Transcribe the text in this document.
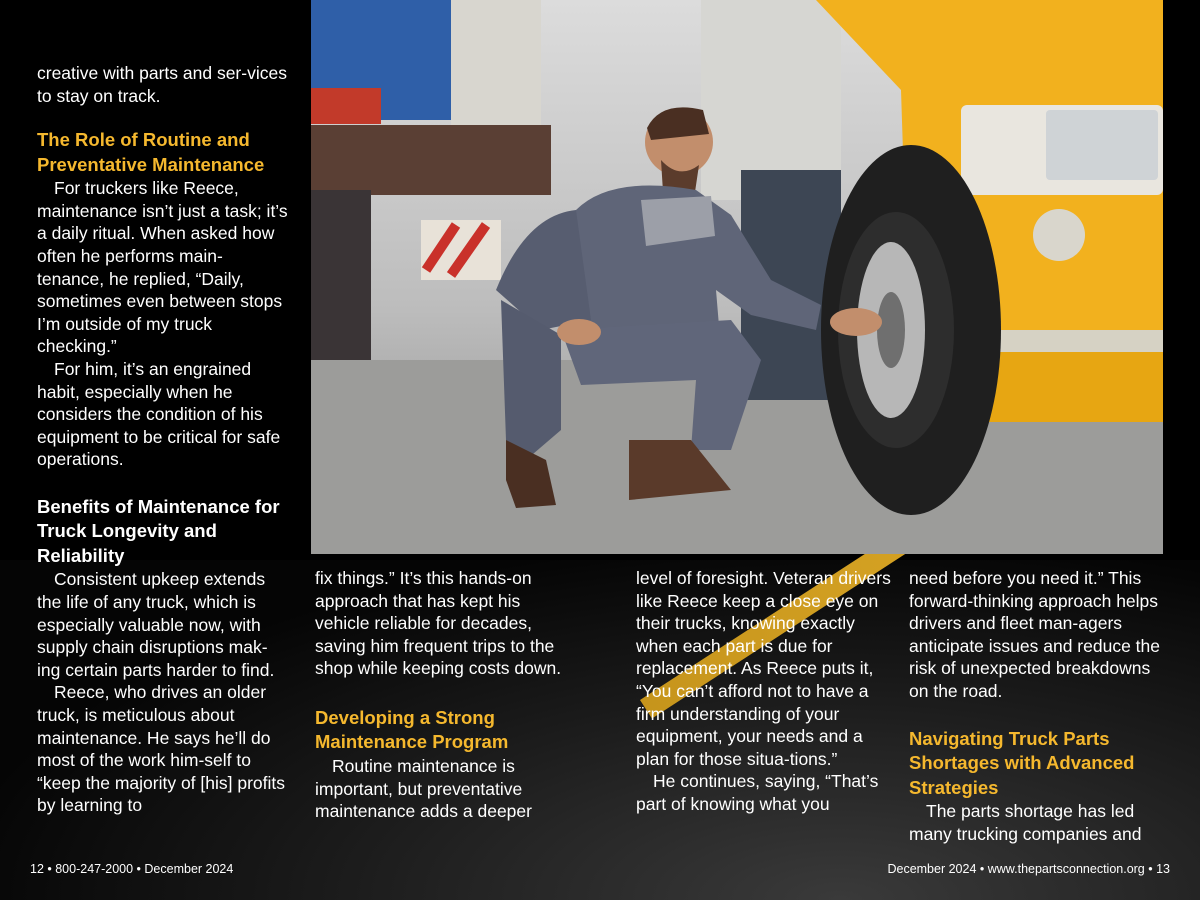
creative with parts and ser-vices to stay on track.

The Role of Routine and Preventative Maintenance

For truckers like Reece, maintenance isn’t just a task; it’s a daily ritual. When asked how often he performs main-tenance, he replied, “Daily, sometimes even between stops I’m outside of my truck checking.”

For him, it’s an engrained habit, especially when he considers the condition of his equipment to be critical for safe operations.

Benefits of Maintenance for Truck Longevity and Reliability

Consistent upkeep extends the life of any truck, which is especially valuable now, with supply chain disruptions mak-ing certain parts harder to find.

Reece, who drives an older truck, is meticulous about maintenance. He says he’ll do most of the work him-self to “keep the majority of [his] profits by learning to

fix things.” It’s this hands-on approach that has kept his vehicle reliable for decades, saving him frequent trips to the shop while keeping costs down.

Developing a Strong Maintenance Program

Routine maintenance is important, but preventative maintenance adds a deeper

level of foresight. Veteran drivers like Reece keep a close eye on their trucks, knowing exactly when each part is due for replacement. As Reece puts it, “You can’t afford not to have a firm understanding of your equipment, your needs and a plan for those situa-tions.”

He continues, saying, “That’s part of knowing what you

need before you need it.” This forward-thinking approach helps drivers and fleet man-agers anticipate issues and reduce the risk of unexpected breakdowns on the road.

Navigating Truck Parts Shortages with Advanced Strategies

The parts shortage has led many trucking companies and

12 • 800-247-2000 • December 2024	December 2024 • www.thepartsconnection.org • 13
